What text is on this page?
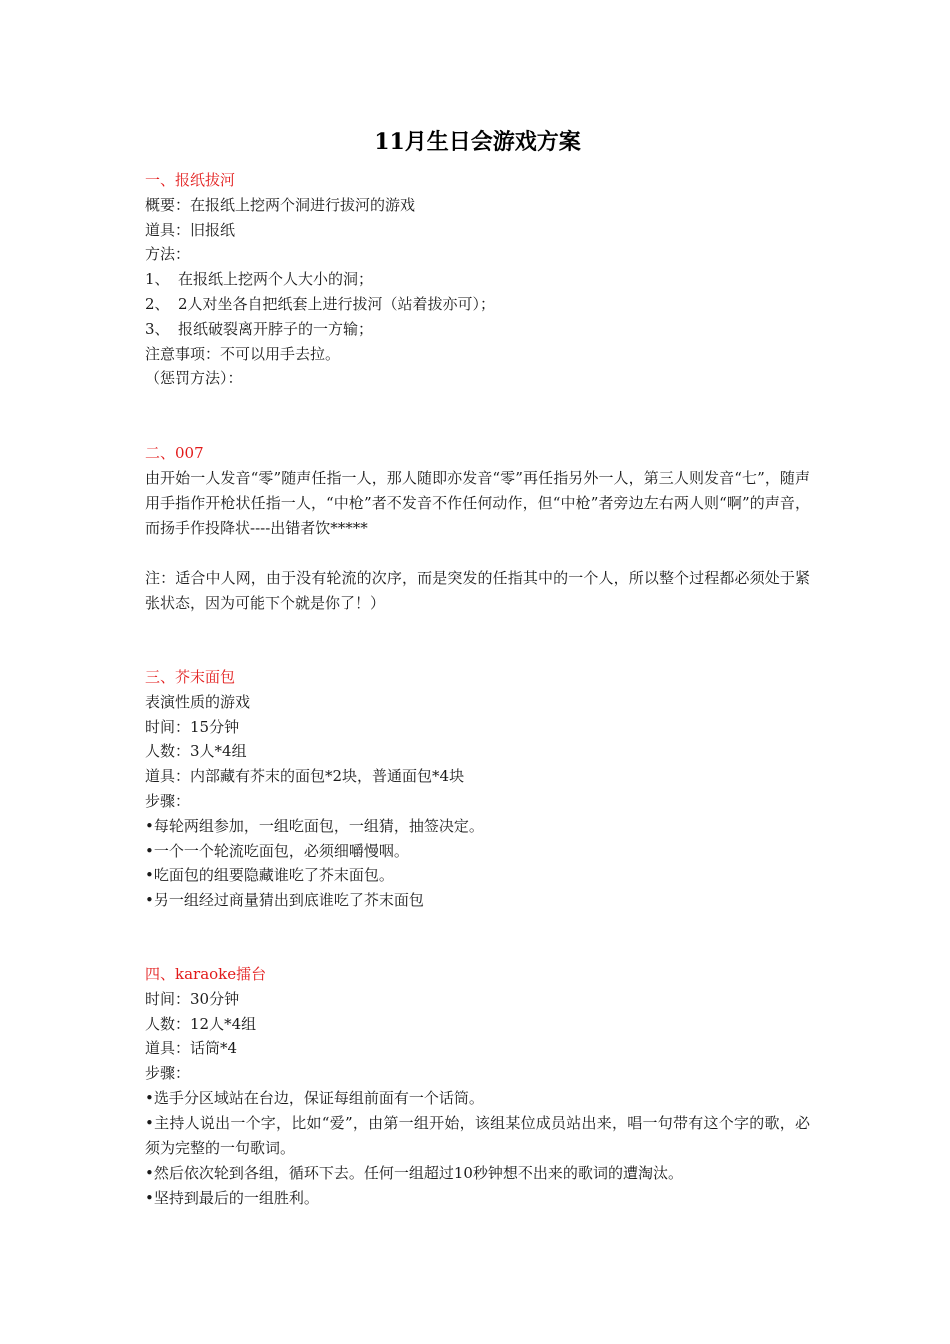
11月生日会游戏方案

一、报纸拔河

概要：在报纸上挖两个洞进行拔河的游戏

道具：旧报纸

方法：

1、 在报纸上挖两个人大小的洞；

2、 2人对坐各自把纸套上进行拔河（站着拔亦可）；

3、 报纸破裂离开脖子的一方输；

注意事项：不可以用手去拉。

（惩罚方法）：

二、007

由开始一人发音“零”随声任指一人，那人随即亦发音“零”再任指另外一人，第三人则发音“七”，随声用手指作开枪状任指一人，“中枪”者不发音不作任何动作，但“中枪”者旁边左右两人则“啊”的声音，而扬手作投降状----出错者饮*****

注：适合中人网，由于没有轮流的次序，而是突发的任指其中的一个人，所以整个过程都必须处于紧张状态，因为可能下个就是你了！）

三、芥末面包

表演性质的游戏

时间：15分钟

人数：3人*4组

道具：内部藏有芥末的面包*2块，普通面包*4块

步骤：

•每轮两组参加，一组吃面包，一组猜，抽签决定。

•一个一个轮流吃面包，必须细嚼慢咽。

•吃面包的组要隐藏谁吃了芥末面包。

•另一组经过商量猜出到底谁吃了芥末面包

四、karaoke擂台

时间：30分钟

人数：12人*4组

道具：话筒*4

步骤：

•选手分区域站在台边，保证每组前面有一个话筒。

•主持人说出一个字，比如“爱”，由第一组开始，该组某位成员站出来，唱一句带有这个字的歌，必须为完整的一句歌词。

•然后依次轮到各组，循环下去。任何一组超过10秒钟想不出来的歌词的遭淘汰。

•坚持到最后的一组胜利。
